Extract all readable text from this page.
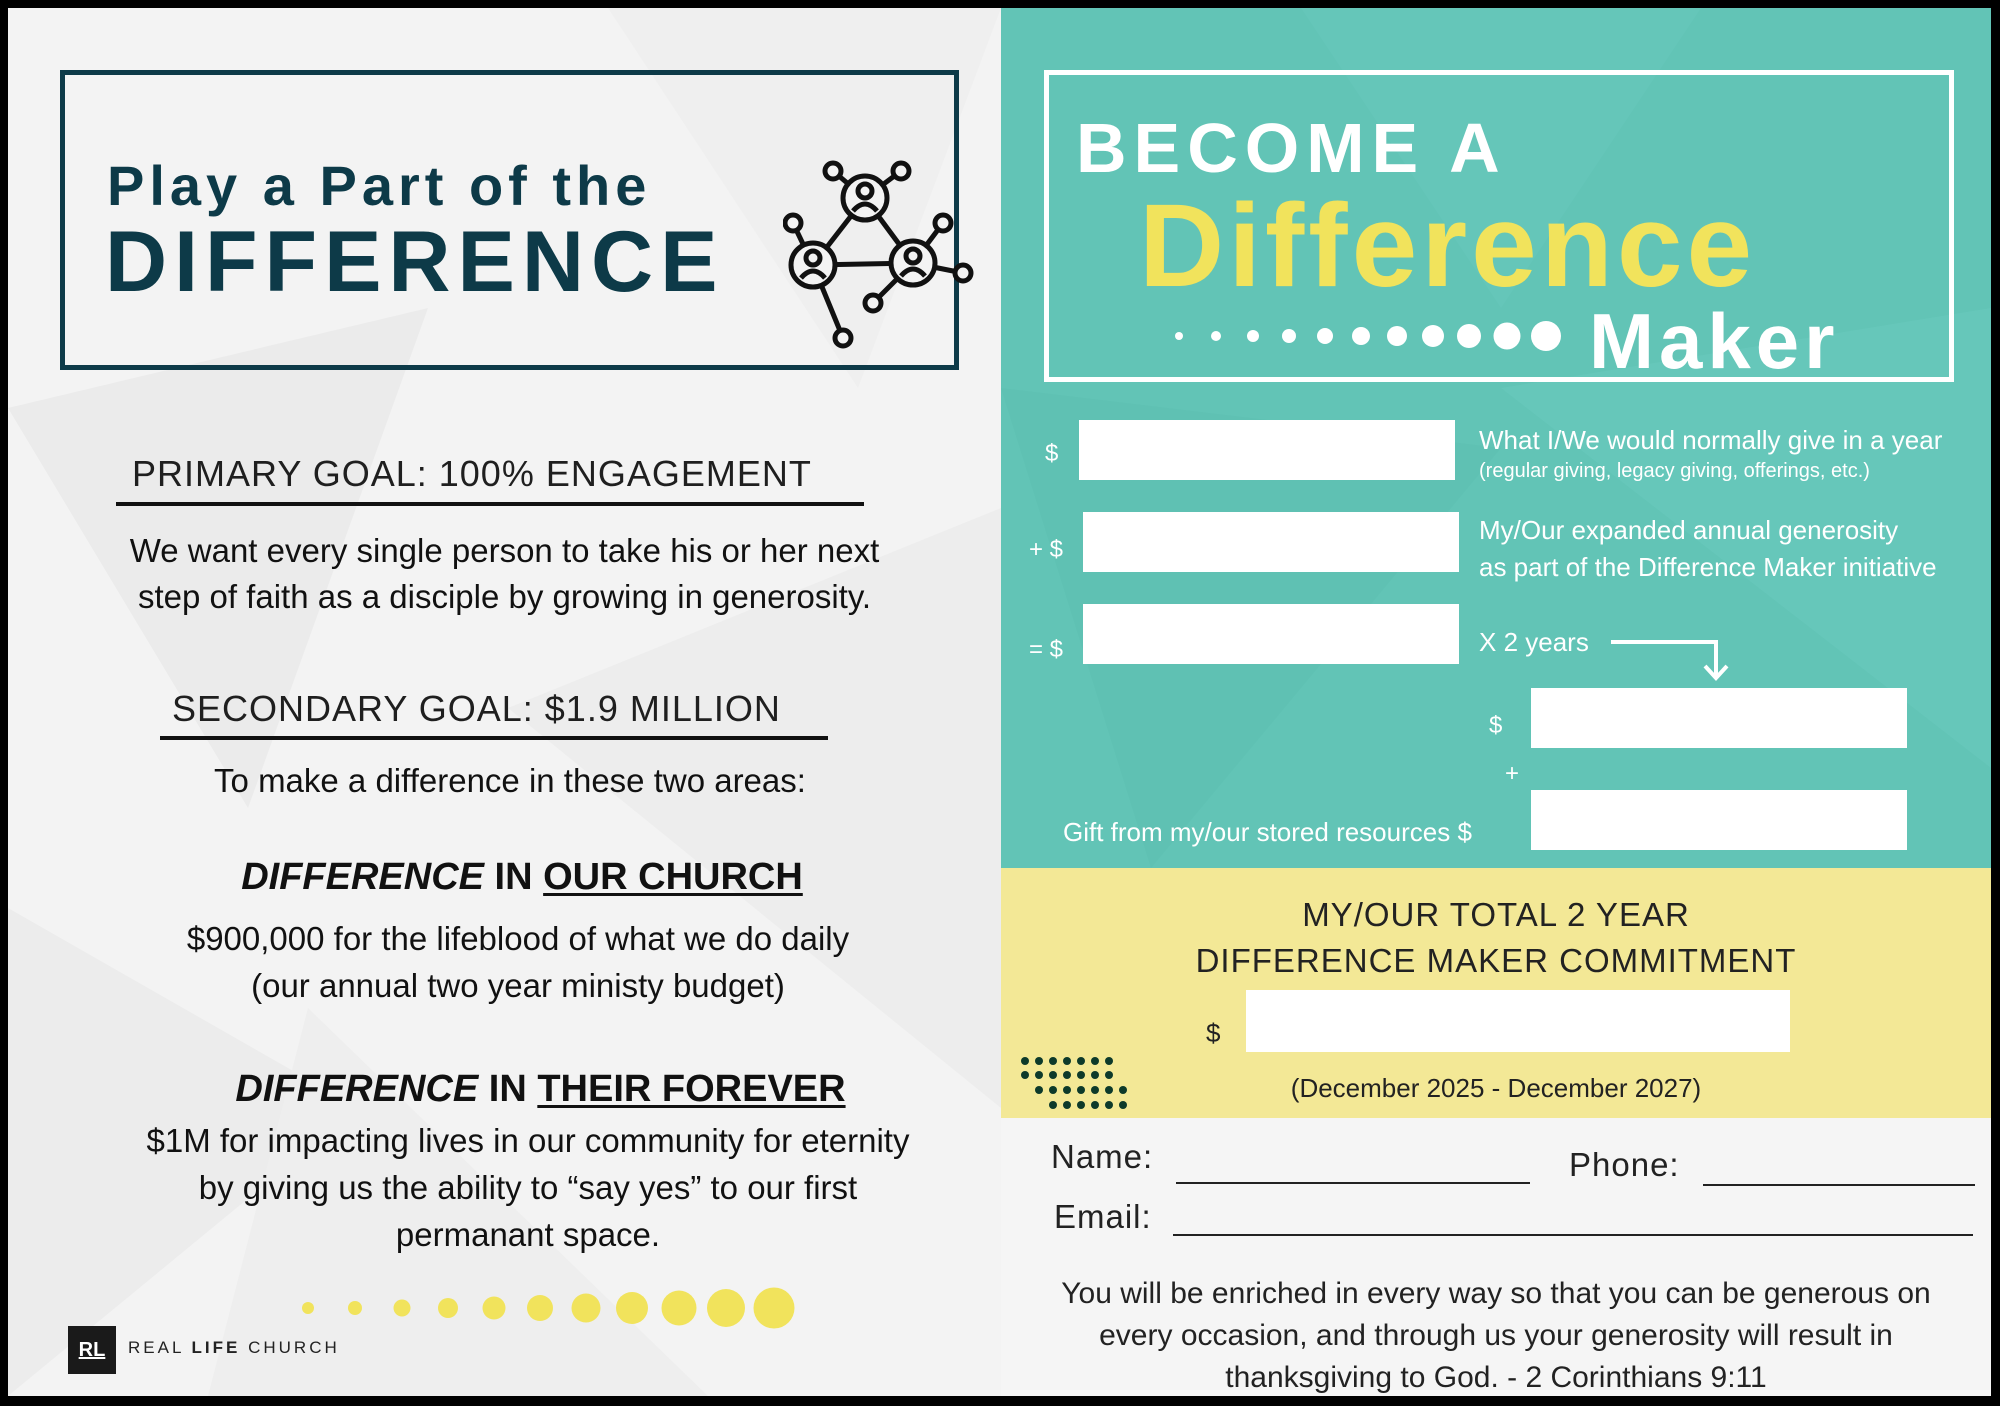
Play a Part of the
DIFFERENCE
PRIMARY GOAL: 100% ENGAGEMENT
We want every single person to take his or her next
step of faith as a disciple by growing in generosity.
SECONDARY GOAL: $1.9 MILLION
To make a difference in these two areas:
DIFFERENCE IN OUR CHURCH
$900,000 for the lifeblood of what we do daily
(our annual two year ministy budget)
DIFFERENCE IN THEIR FOREVER
$1M for impacting lives in our community for eternity
by giving us the ability to “say yes” to our first
permanant space.
RL	REAL LIFE CHURCH
BECOME A
Difference
Maker
$	What I/We would normally give in a year
(regular giving, legacy giving, offerings, etc.)
+ $
My/Our expanded annual generosity
as part of the Difference Maker initiative
= $	X 2 years
$
+
Gift from my/our stored resources $
MY/OUR TOTAL 2 YEAR
DIFFERENCE MAKER COMMITMENT
$
(December 2025 - December 2027)
Name:	Phone:
Email:
You will be enriched in every way so that you can be generous on every occasion, and through us your generosity will result in thanksgiving to God. - 2 Corinthians 9:11
